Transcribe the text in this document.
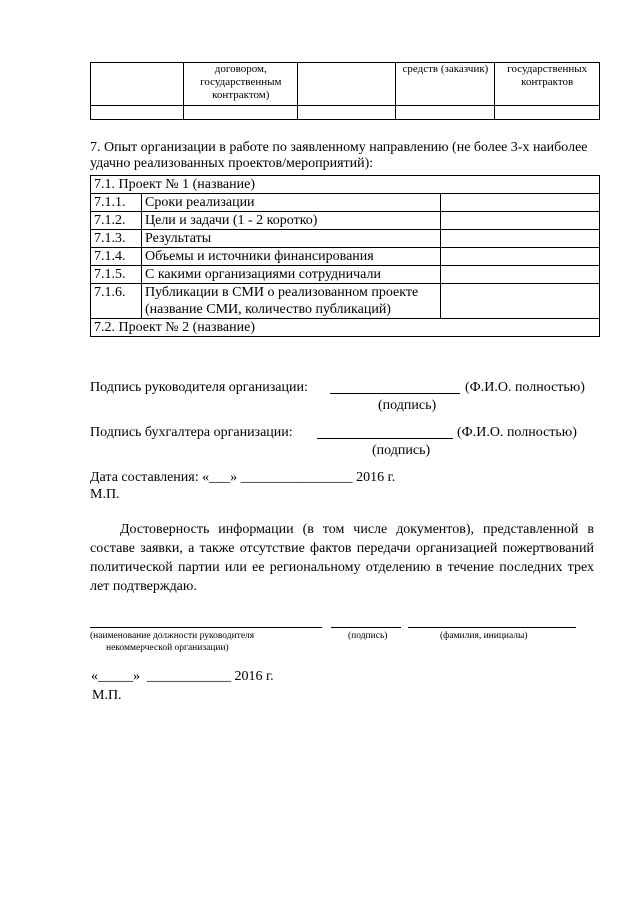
	договором, государственным контрактом)		средств (заказчик)	государственных контрактов

7. Опыт организации в работе по заявленному направлению (не более 3-х наиболее удачно реализованных проектов/мероприятий):
7.1. Проект № 1 (название)		
7.1.1.	Сроки реализации	
7.1.2.	Цели и задачи (1 - 2 коротко)	
7.1.3.	Результаты	
7.1.4.	Объемы и источники финансирования	
7.1.5.	С какими организациями сотрудничали	
7.1.6.	Публикации в СМИ о реализованном проекте (название СМИ, количество публикаций)	
7.2. Проект № 2 (название)		
Подпись руководителя организации:	(Ф.И.О. полностью)
(подпись)
Подпись бухгалтера организации:	(Ф.И.О. полностью)
(подпись)
Дата составления: «___» ________________ 2016 г.
М.П.
Достоверность информации (в том числе документов), представленной в составе заявки, а также отсутствие фактов передачи организацией пожертвований политической партии или ее региональному отделению в течение последних трех лет подтверждаю.
(наименование должности руководителя
некоммерческой организации)
(подпись)	(фамилия, инициалы)
«_____»  ____________ 2016 г.
М.П.
